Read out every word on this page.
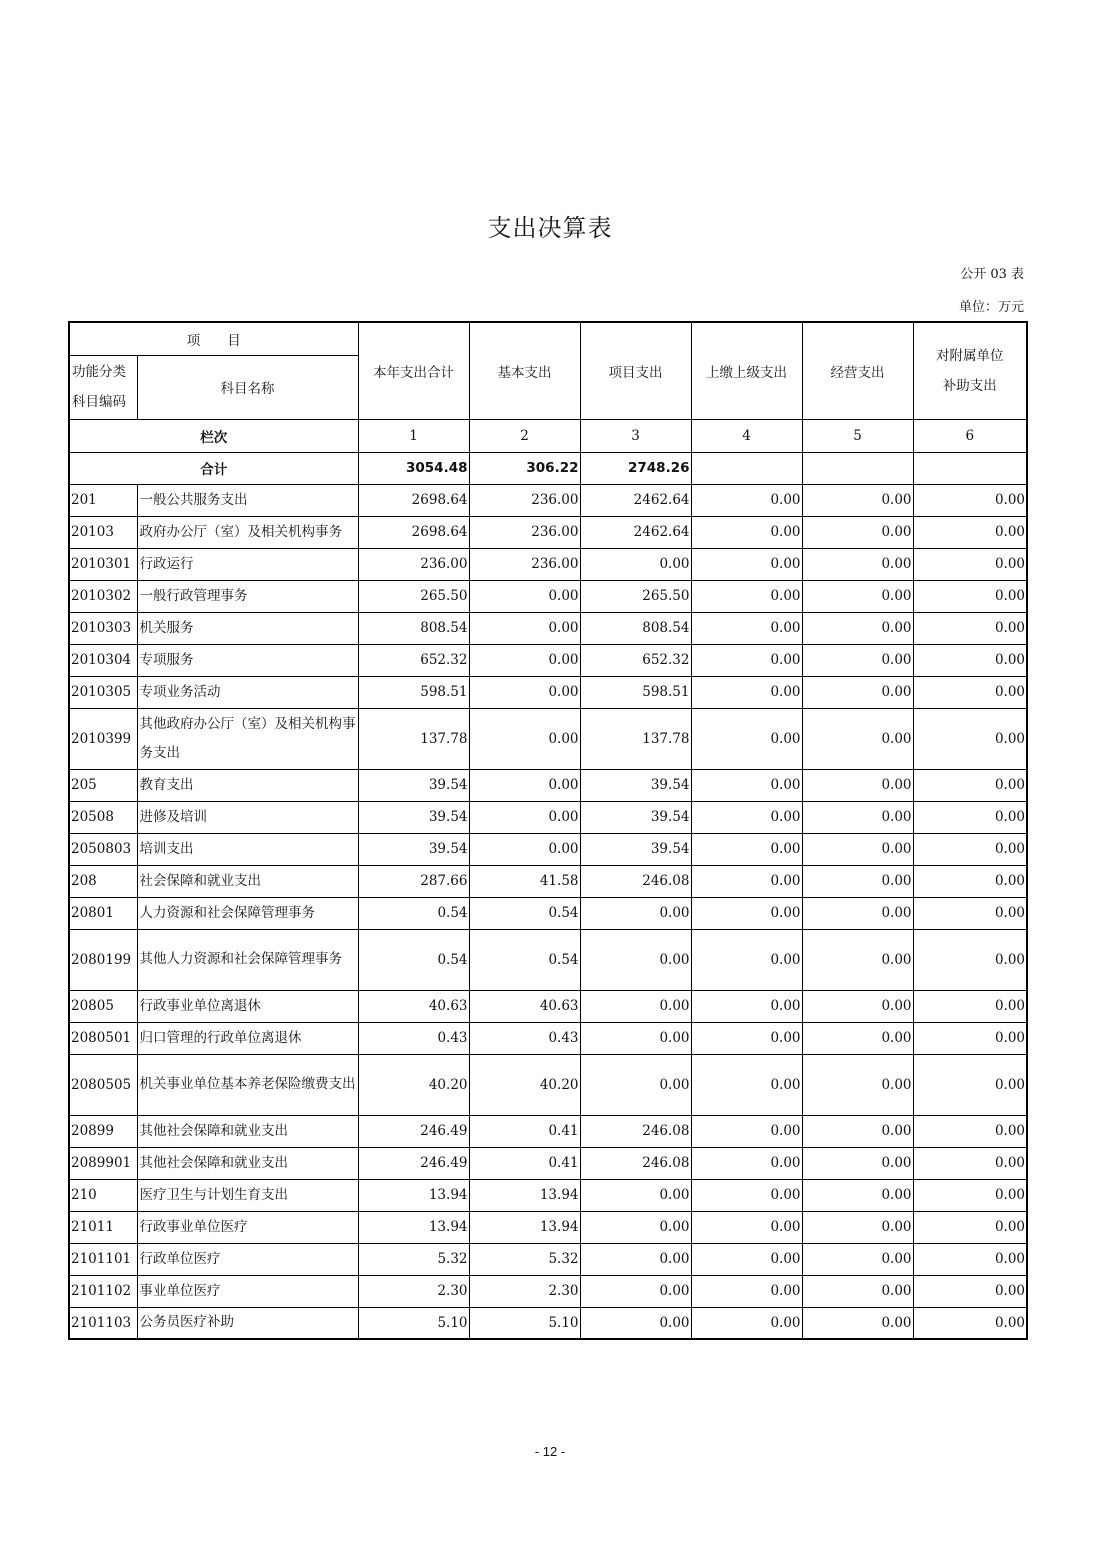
支出决算表
公开 03 表
单位：万元
项　　目		本年支出合计	基本支出	项目支出	上缴上级支出	经营支出	对附属单位补助支出
功能分类科目编码	科目名称						
栏次		1	2	3	4	5	6
合计		3054.48	306.22	2748.26			
201	一般公共服务支出	2698.64	236.00	2462.64	0.00	0.00	0.00
20103	政府办公厅（室）及相关机构事务	2698.64	236.00	2462.64	0.00	0.00	0.00
2010301	行政运行	236.00	236.00	0.00	0.00	0.00	0.00
2010302	一般行政管理事务	265.50	0.00	265.50	0.00	0.00	0.00
2010303	机关服务	808.54	0.00	808.54	0.00	0.00	0.00
2010304	专项服务	652.32	0.00	652.32	0.00	0.00	0.00
2010305	专项业务活动	598.51	0.00	598.51	0.00	0.00	0.00
2010399	其他政府办公厅（室）及相关机构事务支出	137.78	0.00	137.78	0.00	0.00	0.00
205	教育支出	39.54	0.00	39.54	0.00	0.00	0.00
20508	进修及培训	39.54	0.00	39.54	0.00	0.00	0.00
2050803	培训支出	39.54	0.00	39.54	0.00	0.00	0.00
208	社会保障和就业支出	287.66	41.58	246.08	0.00	0.00	0.00
20801	人力资源和社会保障管理事务	0.54	0.54	0.00	0.00	0.00	0.00
2080199	其他人力资源和社会保障管理事务	0.54	0.54	0.00	0.00	0.00	0.00
20805	行政事业单位离退休	40.63	40.63	0.00	0.00	0.00	0.00
2080501	归口管理的行政单位离退休	0.43	0.43	0.00	0.00	0.00	0.00
2080505	机关事业单位基本养老保险缴费支出	40.20	40.20	0.00	0.00	0.00	0.00
20899	其他社会保障和就业支出	246.49	0.41	246.08	0.00	0.00	0.00
2089901	其他社会保障和就业支出	246.49	0.41	246.08	0.00	0.00	0.00
210	医疗卫生与计划生育支出	13.94	13.94	0.00	0.00	0.00	0.00
21011	行政事业单位医疗	13.94	13.94	0.00	0.00	0.00	0.00
2101101	行政单位医疗	5.32	5.32	0.00	0.00	0.00	0.00
2101102	事业单位医疗	2.30	2.30	0.00	0.00	0.00	0.00
2101103	公务员医疗补助	5.10	5.10	0.00	0.00	0.00	0.00
- 12 -
